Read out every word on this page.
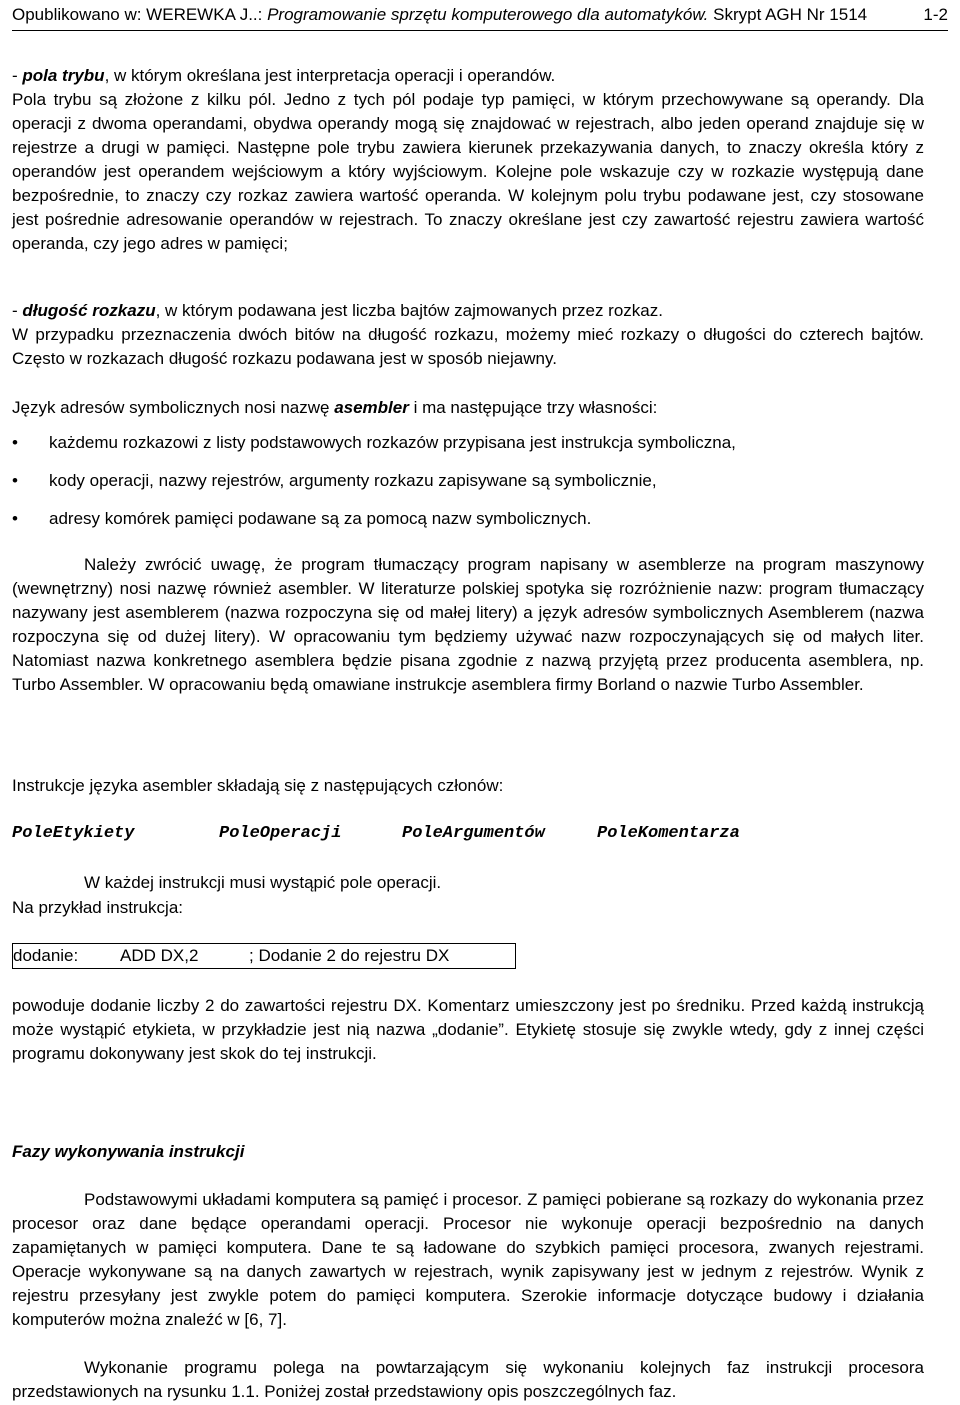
Opublikowano w: WEREWKA J..: Programowanie sprzętu komputerowego dla automatyków. Skrypt AGH Nr 1514	1-2

- pola trybu, w którym określana jest interpretacja operacji i operandów.

Pola trybu są złożone z kilku pól. Jedno z tych pól podaje typ pamięci, w którym przechowywane są operandy. Dla operacji z dwoma operandami, obydwa operandy mogą się znajdować w rejestrach, albo jeden operand znajduje się w rejestrze a drugi w pamięci. Następne pole trybu zawiera kierunek przekazywania danych, to znaczy określa który z operandów jest operandem wejściowym a który wyjściowym. Kolejne pole wskazuje czy w rozkazie występują dane bezpośrednie, to znaczy czy rozkaz zawiera wartość operanda. W kolejnym polu trybu podawane jest, czy stosowane jest pośrednie adresowanie operandów w rejestrach. To znaczy określane jest czy zawartość rejestru zawiera wartość operanda, czy jego adres w pamięci;

- długość rozkazu, w którym podawana jest liczba bajtów zajmowanych przez rozkaz.

W przypadku przeznaczenia dwóch bitów na długość rozkazu, możemy mieć rozkazy o długości do czterech bajtów. Często w rozkazach długość rozkazu podawana jest w sposób niejawny.

Język adresów symbolicznych nosi nazwę asembler i ma następujące trzy własności:

• każdemu rozkazowi z listy podstawowych rozkazów przypisana jest instrukcja symboliczna,
• kody operacji, nazwy rejestrów, argumenty rozkazu zapisywane są symbolicznie,
• adresy komórek pamięci podawane są za pomocą nazw symbolicznych.

Należy zwrócić uwagę, że program tłumaczący program napisany w asemblerze na program maszynowy (wewnętrzny) nosi nazwę również asembler. W literaturze polskiej spotyka się rozróżnienie nazw: program tłumaczący nazywany jest asemblerem (nazwa rozpoczyna się od małej litery) a język adresów symbolicznych Asemblerem (nazwa rozpoczyna się od dużej litery). W opracowaniu tym będziemy używać nazw rozpoczynających się od małych liter. Natomiast nazwa konkretnego asemblera będzie pisana zgodnie z nazwą przyjętą przez producenta asemblera, np. Turbo Assembler. W opracowaniu będą omawiane instrukcje asemblera firmy Borland o nazwie Turbo Assembler.

Instrukcje języka asembler składają się z następujących członów:

PoleEtykiety	PoleOperacji	PoleArgumentów	PoleKomentarza

W każdej instrukcji musi wystąpić pole operacji.

Na przykład instrukcja:

dodanie: ADD DX,2	; Dodanie 2 do rejestru DX

powoduje dodanie liczby 2 do zawartości rejestru DX. Komentarz umieszczony jest po średniku. Przed każdą instrukcją może wystąpić etykieta, w przykładzie jest nią nazwa „dodanie”. Etykietę stosuje się zwykle wtedy, gdy z innej części programu dokonywany jest skok do tej instrukcji.

Fazy wykonywania instrukcji

Podstawowymi układami komputera są pamięć i procesor. Z pamięci pobierane są rozkazy do wykonania przez procesor oraz dane będące operandami operacji. Procesor nie wykonuje operacji bezpośrednio na danych zapamiętanych w pamięci komputera. Dane te są ładowane do szybkich pamięci procesora, zwanych rejestrami. Operacje wykonywane są na danych zawartych w rejestrach, wynik zapisywany jest w jednym z rejestrów. Wynik z rejestru przesyłany jest zwykle potem do pamięci komputera. Szerokie informacje dotyczące budowy i działania komputerów można znaleźć w [6, 7].

Wykonanie programu polega na powtarzającym się wykonaniu kolejnych faz instrukcji procesora przedstawionych na rysunku 1.1. Poniżej został przedstawiony opis poszczególnych faz.
